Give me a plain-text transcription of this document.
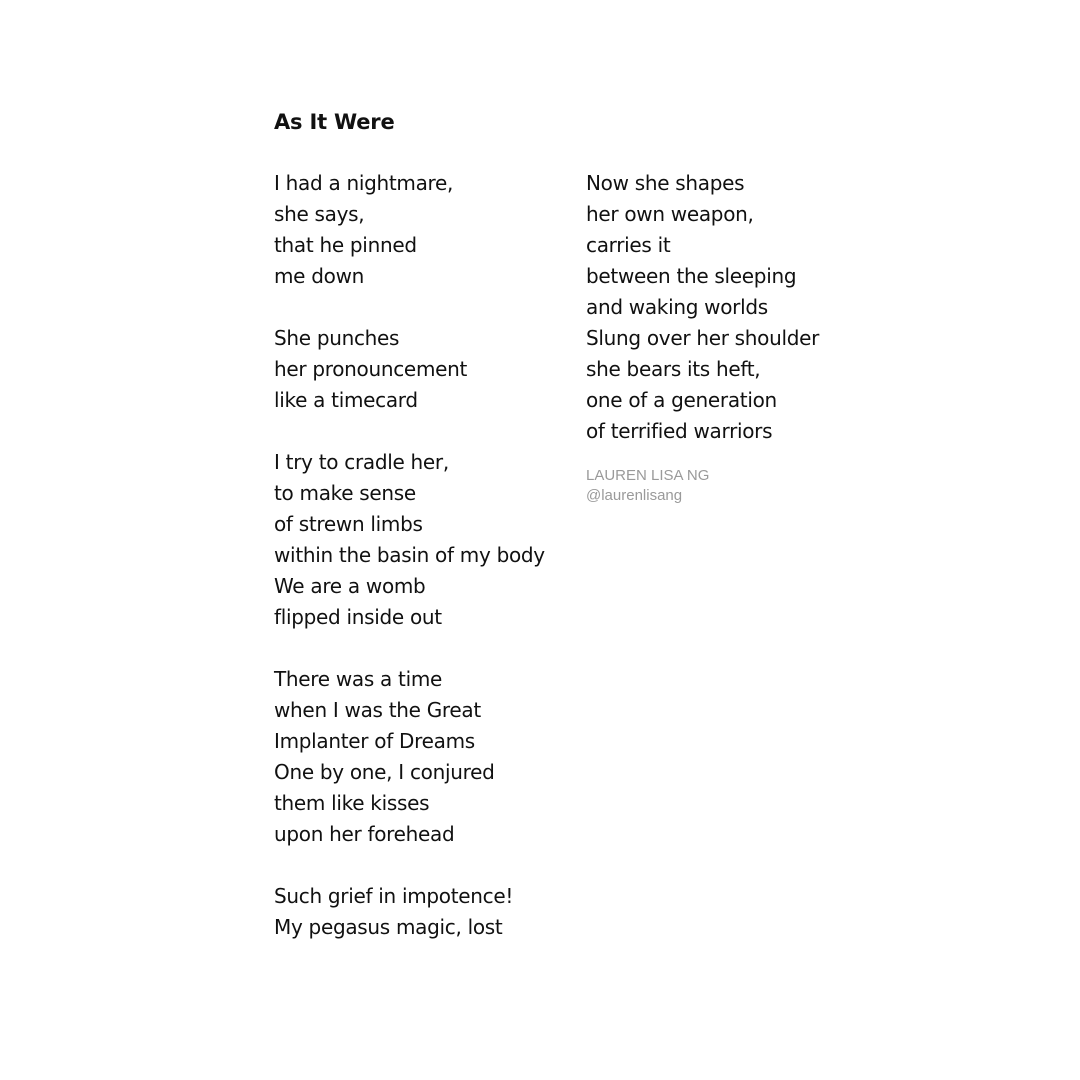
As It Were
I had a nightmare,
she says,
that he pinned
me down
She punches
her pronouncement
like a timecard
I try to cradle her,
to make sense
of strewn limbs
within the basin of my body
We are a womb
flipped inside out
There was a time
when I was the Great
Implanter of Dreams
One by one, I conjured
them like kisses
upon her forehead
Such grief in impotence!
My pegasus magic, lost
Now she shapes
her own weapon,
carries it
between the sleeping
and waking worlds
Slung over her shoulder
she bears its heft,
one of a generation
of terrified warriors
LAUREN LISA NG
@laurenlisang
